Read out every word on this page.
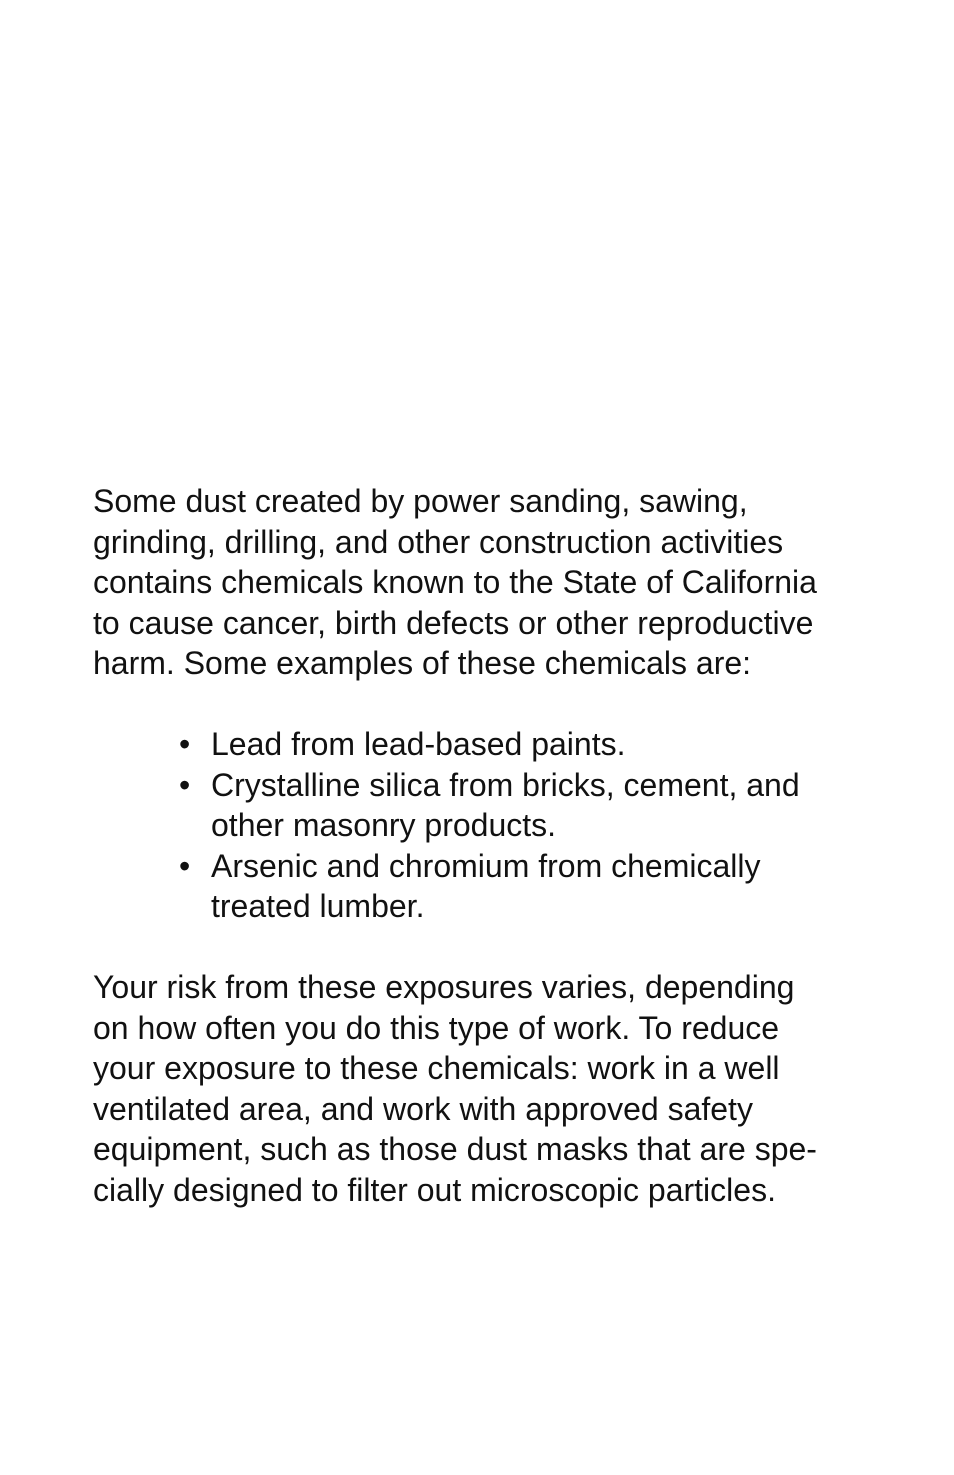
Some dust created by power sanding, sawing,
grinding, drilling, and other construction activities
contains chemicals known to the State of California
to cause cancer, birth defects or other reproductive
harm. Some examples of these chemicals are:

• Lead from lead-based paints.
• Crystalline silica from bricks, cement, and
other masonry products.
• Arsenic and chromium from chemically
treated lumber.

Your risk from these exposures varies, depending
on how often you do this type of work. To reduce
your exposure to these chemicals: work in a well
ventilated area, and work with approved safety
equipment, such as those dust masks that are spe-
cially designed to filter out microscopic particles.
